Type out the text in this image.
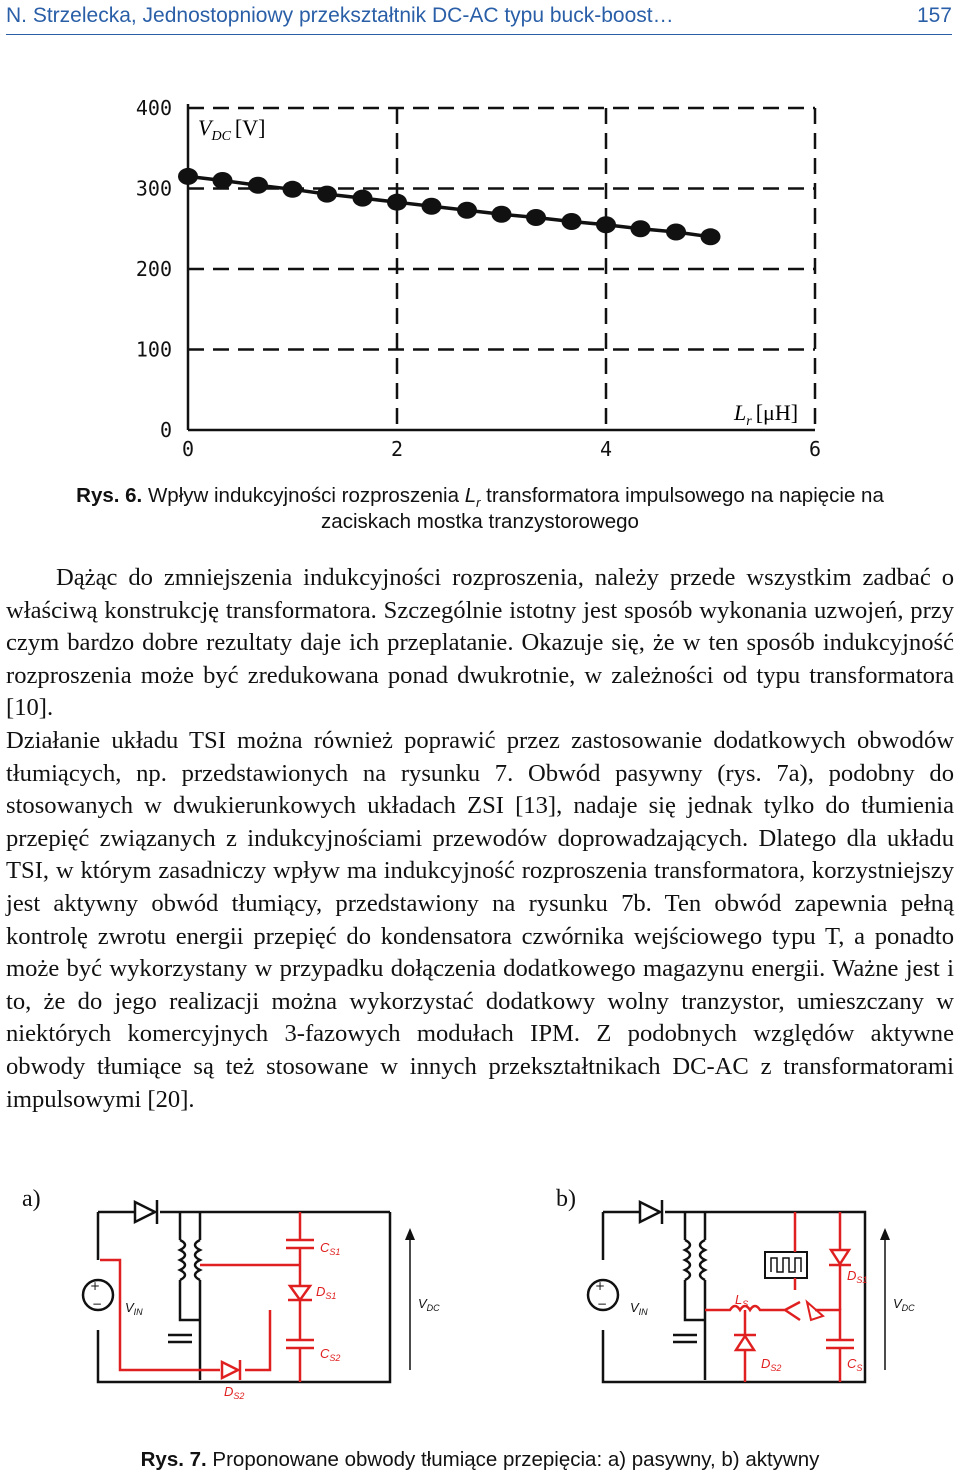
N. Strzelecka, Jednostopniowy przekształtnik DC-AC typu buck-boost…	157
0
100
200
300
400
0	2	4	6
$V_{DC}$ [V]
$L_r$ [μH]
Rys. 6. Wpływ indukcyjności rozproszenia $L_r$ transformatora impulsowego na napięcie na
zaciskach mostka tranzystorowego

Dążąc do zmniejszenia indukcyjności rozproszenia, należy przede wszystkim zadbać o właściwą konstrukcję transformatora. Szczególnie istotny jest sposób wykonania uzwojeń, przy czym bardzo dobre rezultaty daje ich przeplatanie. Okazuje się, że w ten sposób indukcyjność rozproszenia może być zredukowana ponad dwukrotnie, w zależności od typu transformatora [10].

Działanie układu TSI można również poprawić przez zastosowanie dodatkowych obwodów tłumiących, np. przedstawionych na rysunku 7. Obwód pasywny (rys. 7a), podobny do stosowanych w dwukierunkowych układach ZSI [13], nadaje się jednak tylko do tłumienia przepięć związanych z indukcyjnościami przewodów doprowadzających. Dlatego dla układu TSI, w którym zasadniczy wpływ ma indukcyjność rozproszenia transformatora, korzystniejszy jest aktywny obwód tłumiący, przedstawiony na rysunku 7b. Ten obwód zapewnia pełną kontrolę zwrotu energii przepięć do kondensatora czwórnika wejściowego typu T, a ponadto może być wykorzystany w przypadku dołączenia dodatkowego magazynu energii. Ważne jest i to, że do jego realizacji można wykorzystać dodatkowy wolny tranzystor, umieszczany w niektórych komercyjnych 3-fazowych modułach IPM. Z podobnych względów aktywne obwody tłumiące są też stosowane w innych przekształtnikach DC-AC z transformatorami impulsowymi [20].

a)	b)
+
−
$C_{S1}$
$D_{S1}$
$C_{S2}$
$D_{S2}$
$V_{IN}$
$V_{DC}$
+
−
$D_{S1}$
$L_S$
$C_S$
$D_{S2}$
$V_{IN}$
$V_{DC}$
Rys. 7. Proponowane obwody tłumiące przepięcia: a) pasywny, b) aktywny
